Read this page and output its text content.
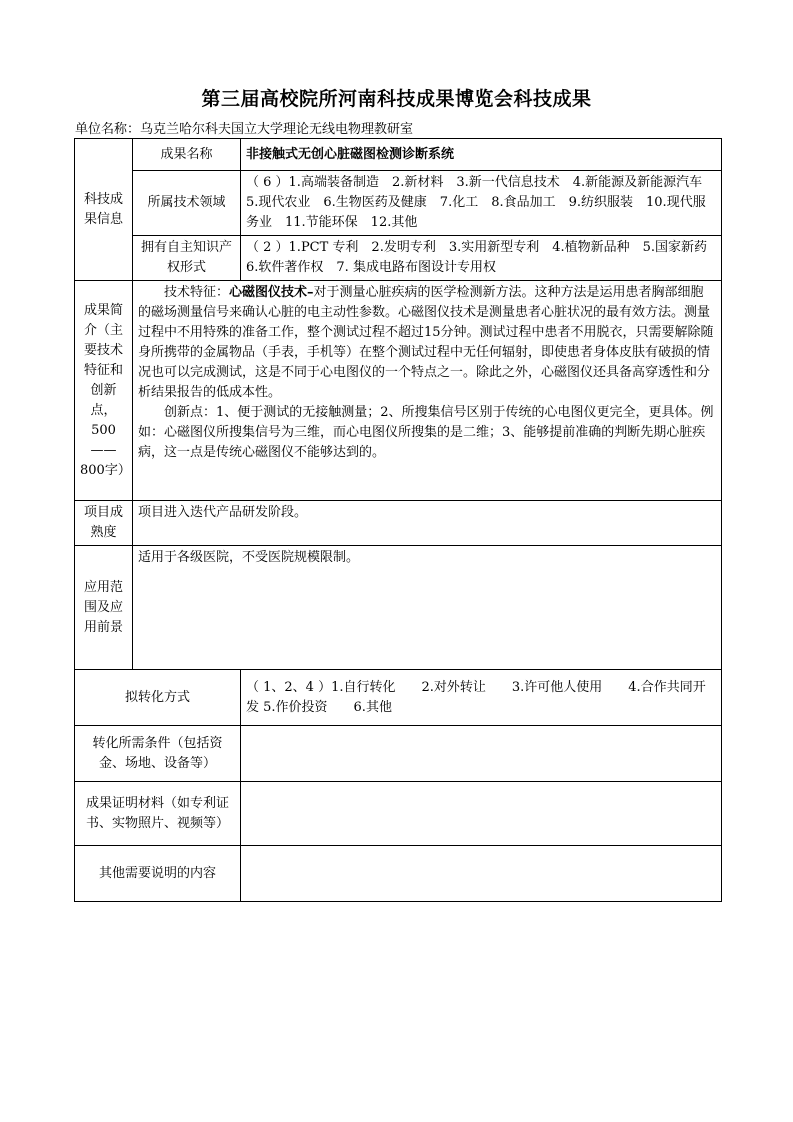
第三届高校院所河南科技成果博览会科技成果
单位名称：乌克兰哈尔科夫国立大学理论无线电物理教研室
科技成果信息	成果名称	非接触式无创心脏磁图检测诊断系统
	所属技术领域	（ 6 ）1.高端装备制造　2.新材料　3.新一代信息技术　4.新能源及新能源汽车　5.现代农业　6.生物医药及健康　7.化工　8.食品加工　9.纺织服装　10.现代服务业　11.节能环保　12.其他
	拥有自主知识产权形式	（ 2 ）1.PCT 专利　2.发明专利　3.实用新型专利　4.植物新品种　5.国家新药　6.软件著作权　7. 集成电路布图设计专用权
成果简介（主要技术特征和创新点，500——800字）	技术特征：心磁图仪技术–对于测量心脏疾病的医学检测新方法。这种方法是运用患者胸部细胞的磁场测量信号来确认心脏的电主动性参数。心磁图仪技术是测量患者心脏状况的最有效方法。测量过程中不用特殊的准备工作，整个测试过程不超过15分钟。测试过程中患者不用脱衣，只需要解除随身所携带的金属物品（手表，手机等）在整个测试过程中无任何辐射，即使患者身体皮肤有破损的情况也可以完成测试，这是不同于心电图仪的一个特点之一。除此之外，心磁图仪还具备高穿透性和分析结果报告的低成本性。

创新点：1、便于测试的无接触测量；2、所搜集信号区别于传统的心电图仪更完全，更具体。例如：心磁图仪所搜集信号为三维，而心电图仪所搜集的是二维；3、能够提前准确的判断先期心脏疾病，这一点是传统心磁图仪不能够达到的。	

项目成熟度	项目进入迭代产品研发阶段。	
应用范围及应用前景	适用于各级医院，不受医院规模限制。	
拟转化方式		（ 1、2、4 ）1.自行转化　　2.对外转让　　3.许可他人使用　　4.合作共同开发 5.作价投资　　6.其他
转化所需条件（包括资金、场地、设备等）		
成果证明材料（如专利证书、实物照片、视频等）		
其他需要说明的内容		
